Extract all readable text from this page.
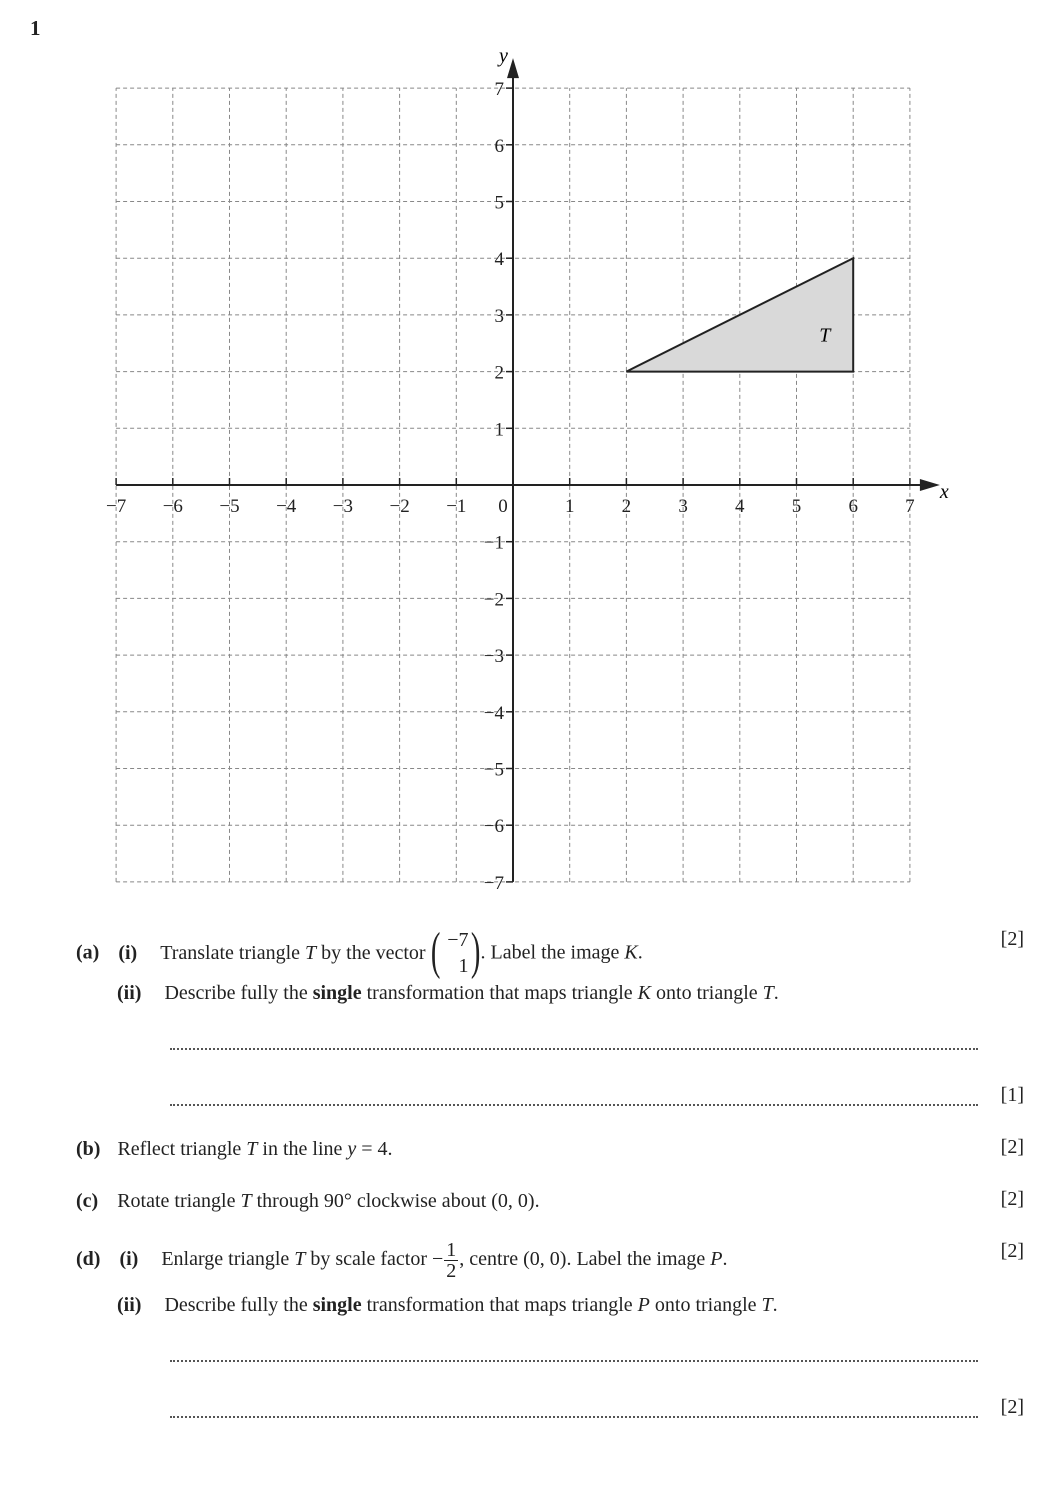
1
T
−7 −6 −5 −4 −3 −2 −1 0	1 2 3 4 5 6 7
7
6
5
4
3
2
1
−1
−2
−3
−4
−5
−6
−7
x
y
(a) (i) Translate triangle T by the vector ( −7
1 ) . Label the image K.
[2]
(ii) Describe fully the single transformation that maps triangle K onto triangle T.
[1]
(b) Reflect triangle T in the line y = 4.	[2]
(c) Rotate triangle T through 90° clockwise about (0, 0).	[2]
(d) (i) Enlarge triangle T by scale factor − $\frac{1}{2}$ , centre (0, 0). Label the image P.	[2]
(ii) Describe fully the single transformation that maps triangle P onto triangle T.
[2]
